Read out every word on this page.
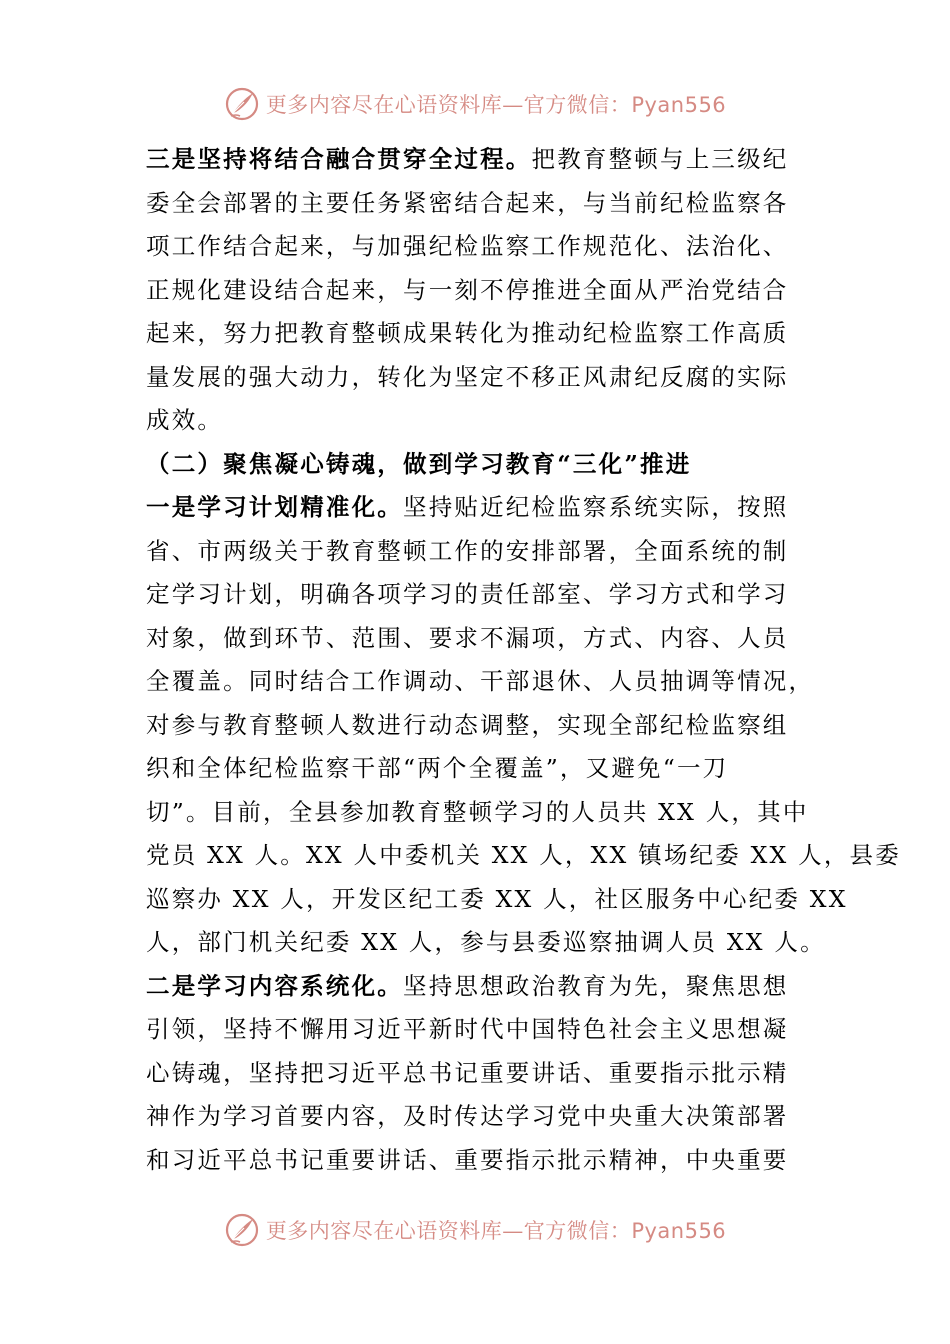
更多内容尽在心语资料库—官方微信：Pyan556
三是坚持将结合融合贯穿全过程。把教育整顿与上三级纪
委全会部署的主要任务紧密结合起来，与当前纪检监察各
项工作结合起来，与加强纪检监察工作规范化、法治化、
正规化建设结合起来，与一刻不停推进全面从严治党结合
起来，努力把教育整顿成果转化为推动纪检监察工作高质
量发展的强大动力，转化为坚定不移正风肃纪反腐的实际
成效。
（二）聚焦凝心铸魂，做到学习教育“三化”推进
一是学习计划精准化。坚持贴近纪检监察系统实际，按照
省、市两级关于教育整顿工作的安排部署，全面系统的制
定学习计划，明确各项学习的责任部室、学习方式和学习
对象，做到环节、范围、要求不漏项，方式、内容、人员
全覆盖。同时结合工作调动、干部退休、人员抽调等情况，
对参与教育整顿人数进行动态调整，实现全部纪检监察组
织和全体纪检监察干部“两个全覆盖”，又避免“一刀
切”。目前，全县参加教育整顿学习的人员共 XX 人，其中
党员 XX 人。XX 人中委机关 XX 人，XX 镇场纪委 XX 人，县委
巡察办 XX 人，开发区纪工委 XX 人，社区服务中心纪委 XX
人，部门机关纪委 XX 人，参与县委巡察抽调人员 XX 人。
二是学习内容系统化。坚持思想政治教育为先，聚焦思想
引领，坚持不懈用习近平新时代中国特色社会主义思想凝
心铸魂，坚持把习近平总书记重要讲话、重要指示批示精
神作为学习首要内容，及时传达学习党中央重大决策部署
和习近平总书记重要讲话、重要指示批示精神，中央重要
更多内容尽在心语资料库—官方微信：Pyan556
